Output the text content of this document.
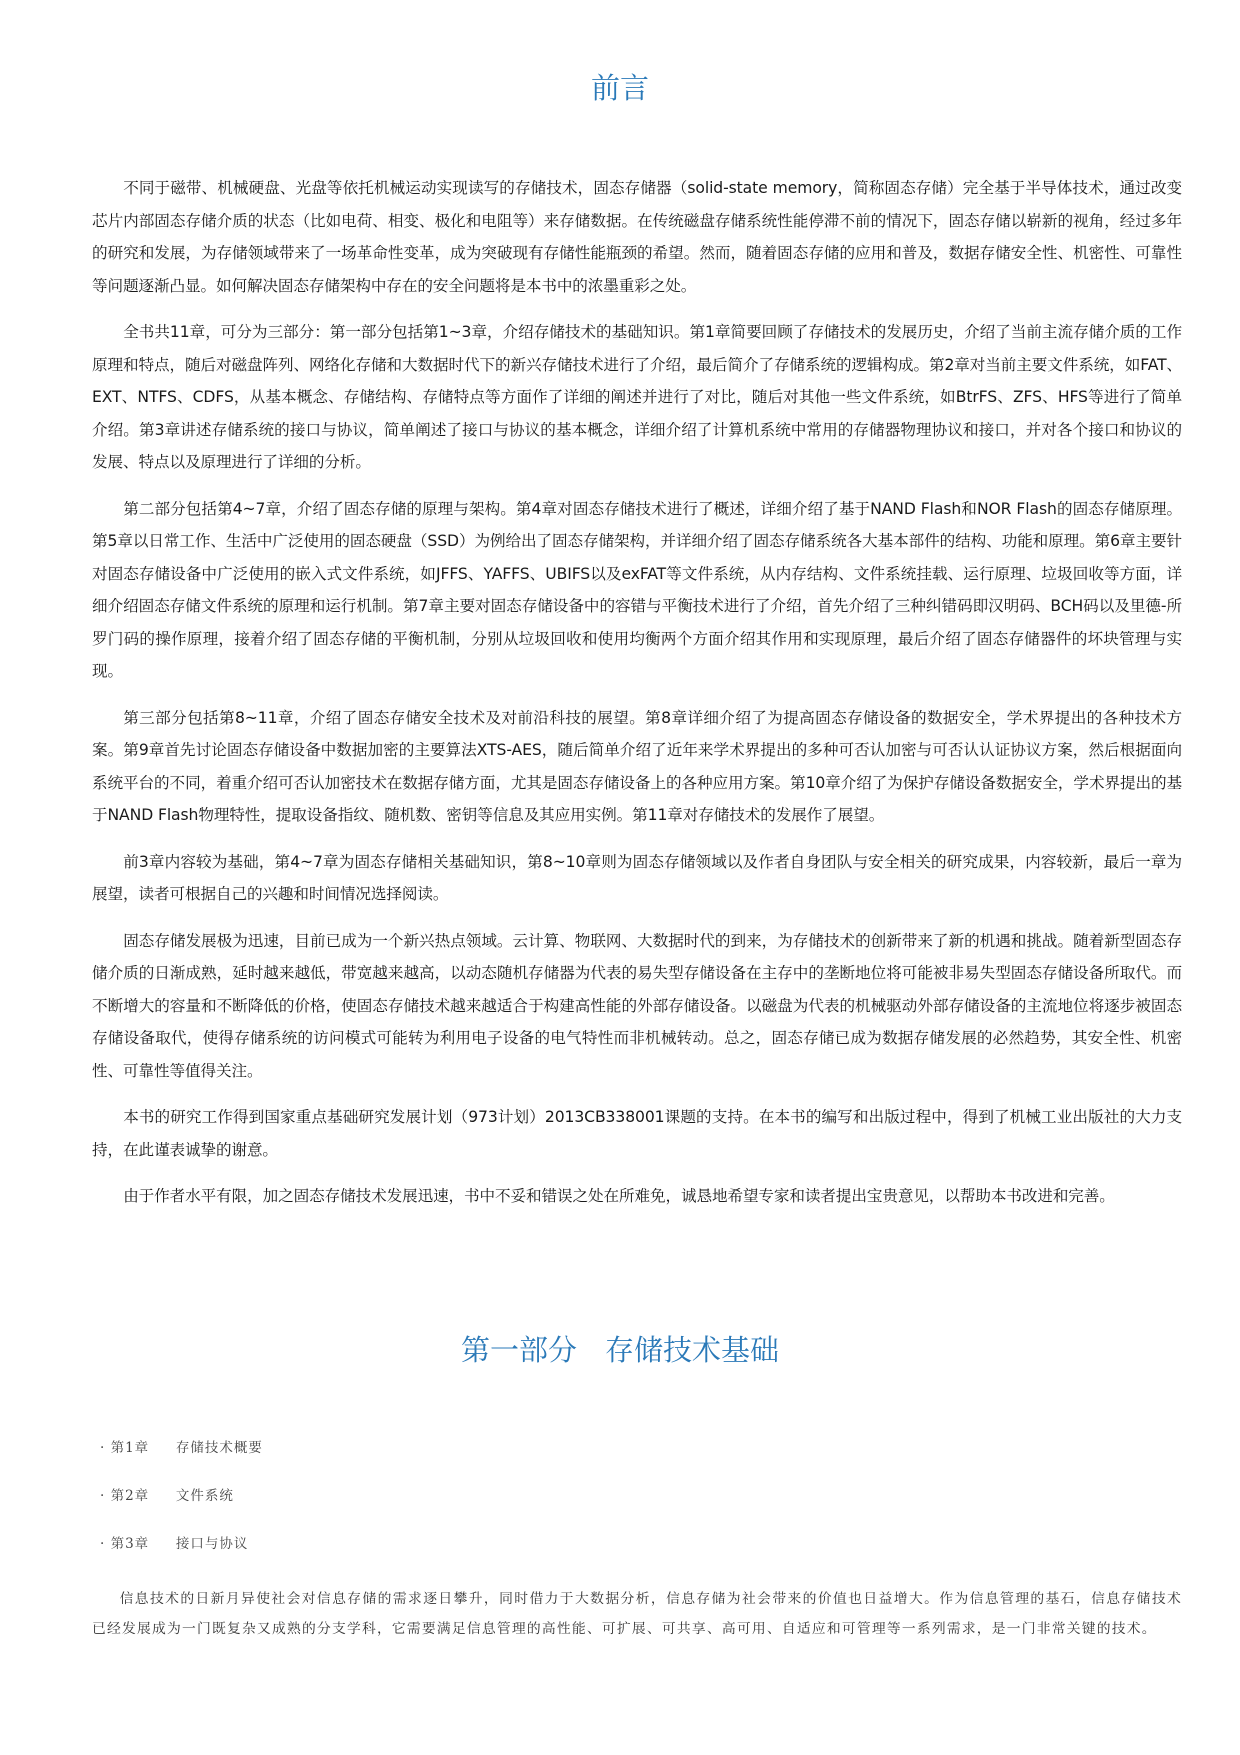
前言

不同于磁带、机械硬盘、光盘等依托机械运动实现读写的存储技术，固态存储器（solid-state memory，简称固态存储）完全基于半导体技术，通过改变芯片内部固态存储介质的状态（比如电荷、相变、极化和电阻等）来存储数据。在传统磁盘存储系统性能停滞不前的情况下，固态存储以崭新的视角，经过多年的研究和发展，为存储领域带来了一场革命性变革，成为突破现有存储性能瓶颈的希望。然而，随着固态存储的应用和普及，数据存储安全性、机密性、可靠性等问题逐渐凸显。如何解决固态存储架构中存在的安全问题将是本书中的浓墨重彩之处。

全书共11章，可分为三部分：第一部分包括第1~3章，介绍存储技术的基础知识。第1章简要回顾了存储技术的发展历史，介绍了当前主流存储介质的工作原理和特点，随后对磁盘阵列、网络化存储和大数据时代下的新兴存储技术进行了介绍，最后简介了存储系统的逻辑构成。第2章对当前主要文件系统，如FAT、EXT、NTFS、CDFS，从基本概念、存储结构、存储特点等方面作了详细的阐述并进行了对比，随后对其他一些文件系统，如BtrFS、ZFS、HFS等进行了简单介绍。第3章讲述存储系统的接口与协议，简单阐述了接口与协议的基本概念，详细介绍了计算机系统中常用的存储器物理协议和接口，并对各个接口和协议的发展、特点以及原理进行了详细的分析。

第二部分包括第4~7章，介绍了固态存储的原理与架构。第4章对固态存储技术进行了概述，详细介绍了基于NAND Flash和NOR Flash的固态存储原理。第5章以日常工作、生活中广泛使用的固态硬盘（SSD）为例给出了固态存储架构，并详细介绍了固态存储系统各大基本部件的结构、功能和原理。第6章主要针对固态存储设备中广泛使用的嵌入式文件系统，如JFFS、YAFFS、UBIFS以及exFAT等文件系统，从内存结构、文件系统挂载、运行原理、垃圾回收等方面，详细介绍固态存储文件系统的原理和运行机制。第7章主要对固态存储设备中的容错与平衡技术进行了介绍，首先介绍了三种纠错码即汉明码、BCH码以及里德-所罗门码的操作原理，接着介绍了固态存储的平衡机制，分别从垃圾回收和使用均衡两个方面介绍其作用和实现原理，最后介绍了固态存储器件的坏块管理与实现。

第三部分包括第8~11章，介绍了固态存储安全技术及对前沿科技的展望。第8章详细介绍了为提高固态存储设备的数据安全，学术界提出的各种技术方案。第9章首先讨论固态存储设备中数据加密的主要算法XTS-AES，随后简单介绍了近年来学术界提出的多种可否认加密与可否认认证协议方案，然后根据面向系统平台的不同，着重介绍可否认加密技术在数据存储方面，尤其是固态存储设备上的各种应用方案。第10章介绍了为保护存储设备数据安全，学术界提出的基于NAND Flash物理特性，提取设备指纹、随机数、密钥等信息及其应用实例。第11章对存储技术的发展作了展望。

前3章内容较为基础，第4~7章为固态存储相关基础知识，第8~10章则为固态存储领域以及作者自身团队与安全相关的研究成果，内容较新，最后一章为展望，读者可根据自己的兴趣和时间情况选择阅读。

固态存储发展极为迅速，目前已成为一个新兴热点领域。云计算、物联网、大数据时代的到来，为存储技术的创新带来了新的机遇和挑战。随着新型固态存储介质的日渐成熟，延时越来越低，带宽越来越高，以动态随机存储器为代表的易失型存储设备在主存中的垄断地位将可能被非易失型固态存储设备所取代。而不断增大的容量和不断降低的价格，使固态存储技术越来越适合于构建高性能的外部存储设备。以磁盘为代表的机械驱动外部存储设备的主流地位将逐步被固态存储设备取代，使得存储系统的访问模式可能转为利用电子设备的电气特性而非机械转动。总之，固态存储已成为数据存储发展的必然趋势，其安全性、机密性、可靠性等值得关注。

本书的研究工作得到国家重点基础研究发展计划（973计划）2013CB338001课题的支持。在本书的编写和出版过程中，得到了机械工业出版社的大力支持，在此谨表诚挚的谢意。

由于作者水平有限，加之固态存储技术发展迅速，书中不妥和错误之处在所难免，诚恳地希望专家和读者提出宝贵意见，以帮助本书改进和完善。

第一部分 存储技术基础
· 第1章 存储技术概要
· 第2章 文件系统
· 第3章 接口与协议

信息技术的日新月异使社会对信息存储的需求逐日攀升，同时借力于大数据分析，信息存储为社会带来的价值也日益增大。作为信息管理的基石，信息存储技术已经发展成为一门既复杂又成熟的分支学科，它需要满足信息管理的高性能、可扩展、可共享、高可用、自适应和可管理等一系列需求，是一门非常关键的技术。
